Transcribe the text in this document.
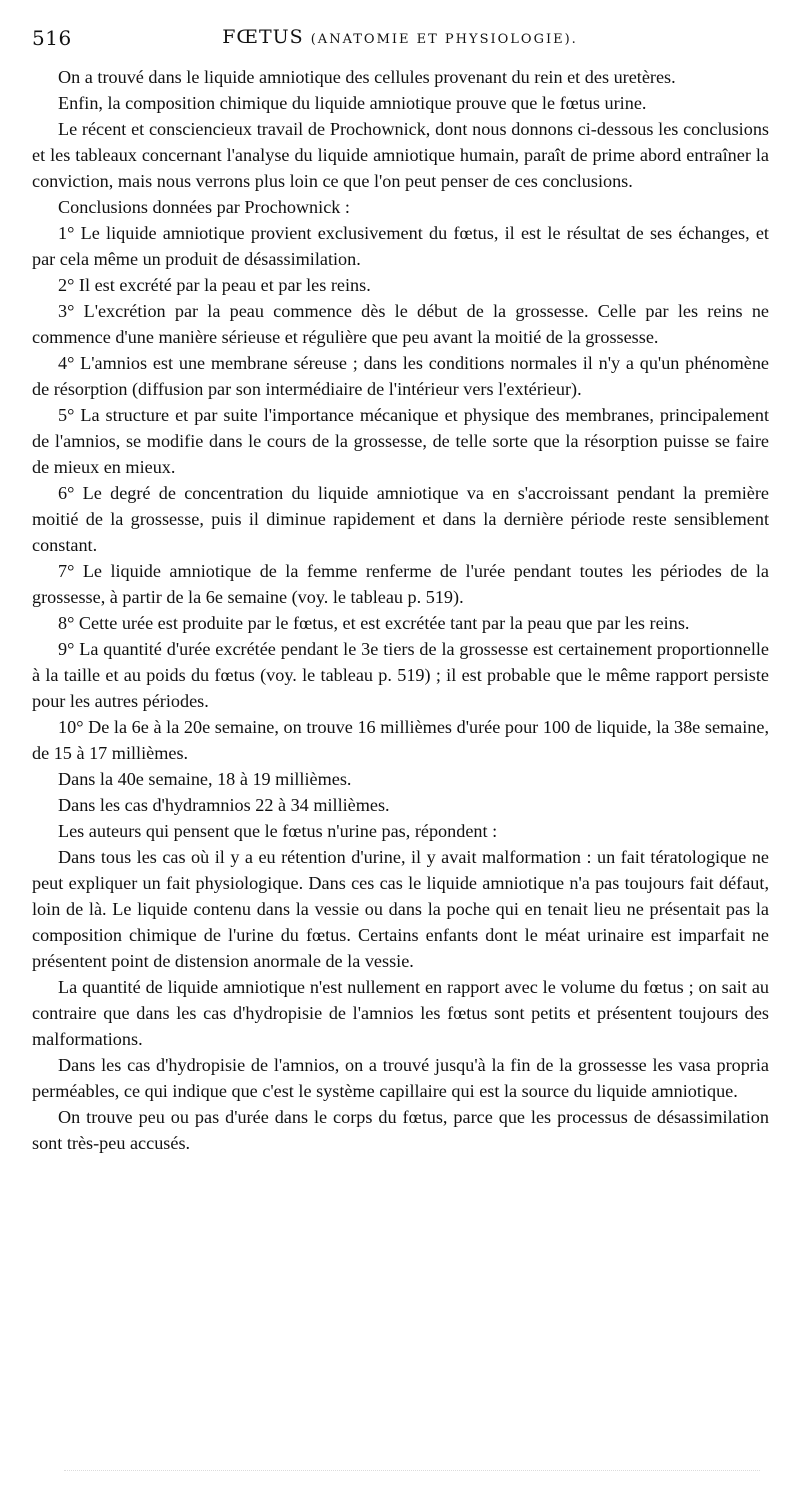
516	FŒTUS (ANATOMIE ET PHYSIOLOGIE).

On a trouvé dans le liquide amniotique des cellules provenant du rein et des uretères.

Enfin, la composition chimique du liquide amniotique prouve que le fœtus urine.

Le récent et consciencieux travail de Prochownick, dont nous donnons ci-dessous les conclusions et les tableaux concernant l'analyse du liquide amniotique humain, paraît de prime abord entraîner la conviction, mais nous verrons plus loin ce que l'on peut penser de ces conclusions.

Conclusions données par Prochownick :

1° Le liquide amniotique provient exclusivement du fœtus, il est le résultat de ses échanges, et par cela même un produit de désassimilation.

2° Il est excrété par la peau et par les reins.

3° L'excrétion par la peau commence dès le début de la grossesse. Celle par les reins ne commence d'une manière sérieuse et régulière que peu avant la moitié de la grossesse.

4° L'amnios est une membrane séreuse ; dans les conditions normales il n'y a qu'un phénomène de résorption (diffusion par son intermédiaire de l'intérieur vers l'extérieur).

5° La structure et par suite l'importance mécanique et physique des membranes, principalement de l'amnios, se modifie dans le cours de la grossesse, de telle sorte que la résorption puisse se faire de mieux en mieux.

6° Le degré de concentration du liquide amniotique va en s'accroissant pendant la première moitié de la grossesse, puis il diminue rapidement et dans la dernière période reste sensiblement constant.

7° Le liquide amniotique de la femme renferme de l'urée pendant toutes les périodes de la grossesse, à partir de la 6e semaine (voy. le tableau p. 519).

8° Cette urée est produite par le fœtus, et est excrétée tant par la peau que par les reins.

9° La quantité d'urée excrétée pendant le 3e tiers de la grossesse est certainement proportionnelle à la taille et au poids du fœtus (voy. le tableau p. 519) ; il est probable que le même rapport persiste pour les autres périodes.

10° De la 6e à la 20e semaine, on trouve 16 millièmes d'urée pour 100 de liquide, la 38e semaine, de 15 à 17 millièmes.

Dans la 40e semaine, 18 à 19 millièmes.

Dans les cas d'hydramnios 22 à 34 millièmes.

Les auteurs qui pensent que le fœtus n'urine pas, répondent :

Dans tous les cas où il y a eu rétention d'urine, il y avait malformation : un fait tératologique ne peut expliquer un fait physiologique. Dans ces cas le liquide amniotique n'a pas toujours fait défaut, loin de là. Le liquide contenu dans la vessie ou dans la poche qui en tenait lieu ne présentait pas la composition chimique de l'urine du fœtus. Certains enfants dont le méat urinaire est imparfait ne présentent point de distension anormale de la vessie.

La quantité de liquide amniotique n'est nullement en rapport avec le volume du fœtus ; on sait au contraire que dans les cas d'hydropisie de l'amnios les fœtus sont petits et présentent toujours des malformations.

Dans les cas d'hydropisie de l'amnios, on a trouvé jusqu'à la fin de la grossesse les vasa propria perméables, ce qui indique que c'est le système capillaire qui est la source du liquide amniotique.

On trouve peu ou pas d'urée dans le corps du fœtus, parce que les processus de désassimilation sont très-peu accusés.
